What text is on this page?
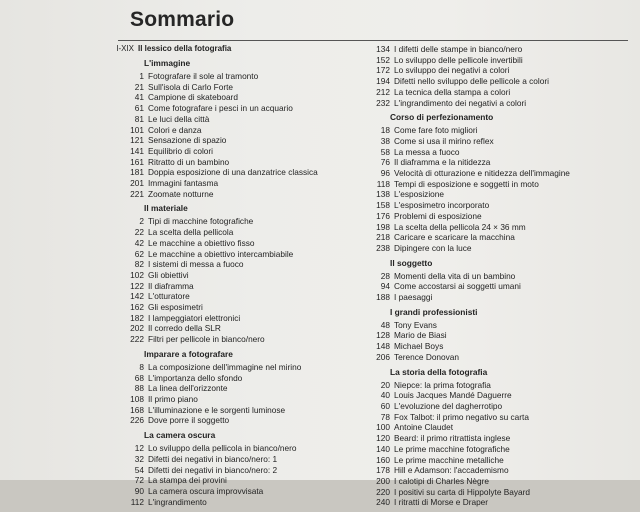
Sommario
I-XIX Il lessico della fotografia
L'immagine
1 Fotografare il sole al tramonto
21 Sull'isola di Carlo Forte
41 Campione di skateboard
61 Come fotografare i pesci in un acquario
81 Le luci della città
101 Colori e danza
121 Sensazione di spazio
141 Equilibrio di colori
161 Ritratto di un bambino
181 Doppia esposizione di una danzatrice classica
201 Immagini fantasma
221 Zoomate notturne
Il materiale
2 Tipi di macchine fotografiche
22 La scelta della pellicola
42 Le macchine a obiettivo fisso
62 Le macchine a obiettivo intercambiabile
82 I sistemi di messa a fuoco
102 Gli obiettivi
122 Il diaframma
142 L'otturatore
162 Gli esposimetri
182 I lampeggiatori elettronici
202 Il corredo della SLR
222 Filtri per pellicole in bianco/nero
Imparare a fotografare
8 La composizione dell'immagine nel mirino
68 L'importanza dello sfondo
88 La linea dell'orizzonte
108 Il primo piano
168 L'illuminazione e le sorgenti luminose
226 Dove porre il soggetto
La camera oscura
12 Lo sviluppo della pellicola in bianco/nero
32 Difetti dei negativi in bianco/nero: 1
54 Difetti dei negativi in bianco/nero: 2
72 La stampa dei provini
90 La camera oscura improvvisata
112 L'ingrandimento
134 I difetti delle stampe in bianco/nero
152 Lo sviluppo delle pellicole invertibili
172 Lo sviluppo dei negativi a colori
194 Difetti nello sviluppo delle pellicole a colori
212 La tecnica della stampa a colori
232 L'ingrandimento dei negativi a colori
Corso di perfezionamento
18 Come fare foto migliori
38 Come si usa il mirino reflex
58 La messa a fuoco
76 Il diaframma e la nitidezza
96 Velocità di otturazione e nitidezza dell'immagine
118 Tempi di esposizione e soggetti in moto
138 L'esposizione
158 L'esposimetro incorporato
176 Problemi di esposizione
198 La scelta della pellicola 24 × 36 mm
218 Caricare e scaricare la macchina
238 Dipingere con la luce
Il soggetto
28 Momenti della vita di un bambino
94 Come accostarsi ai soggetti umani
188 I paesaggi
I grandi professionisti
48 Tony Evans
128 Mario de Biasi
148 Michael Boys
206 Terence Donovan
La storia della fotografia
20 Niepce: la prima fotografia
40 Louis Jacques Mandé Daguerre
60 L'evoluzione del dagherrotipo
78 Fox Talbot: il primo negativo su carta
100 Antoine Claudet
120 Beard: il primo ritrattista inglese
140 Le prime macchine fotografiche
160 Le prime macchine metalliche
178 Hill e Adamson: l'accademismo
200 I calotipi di Charles Nègre
220 I positivi su carta di Hippolyte Bayard
240 I ritratti di Morse e Draper
